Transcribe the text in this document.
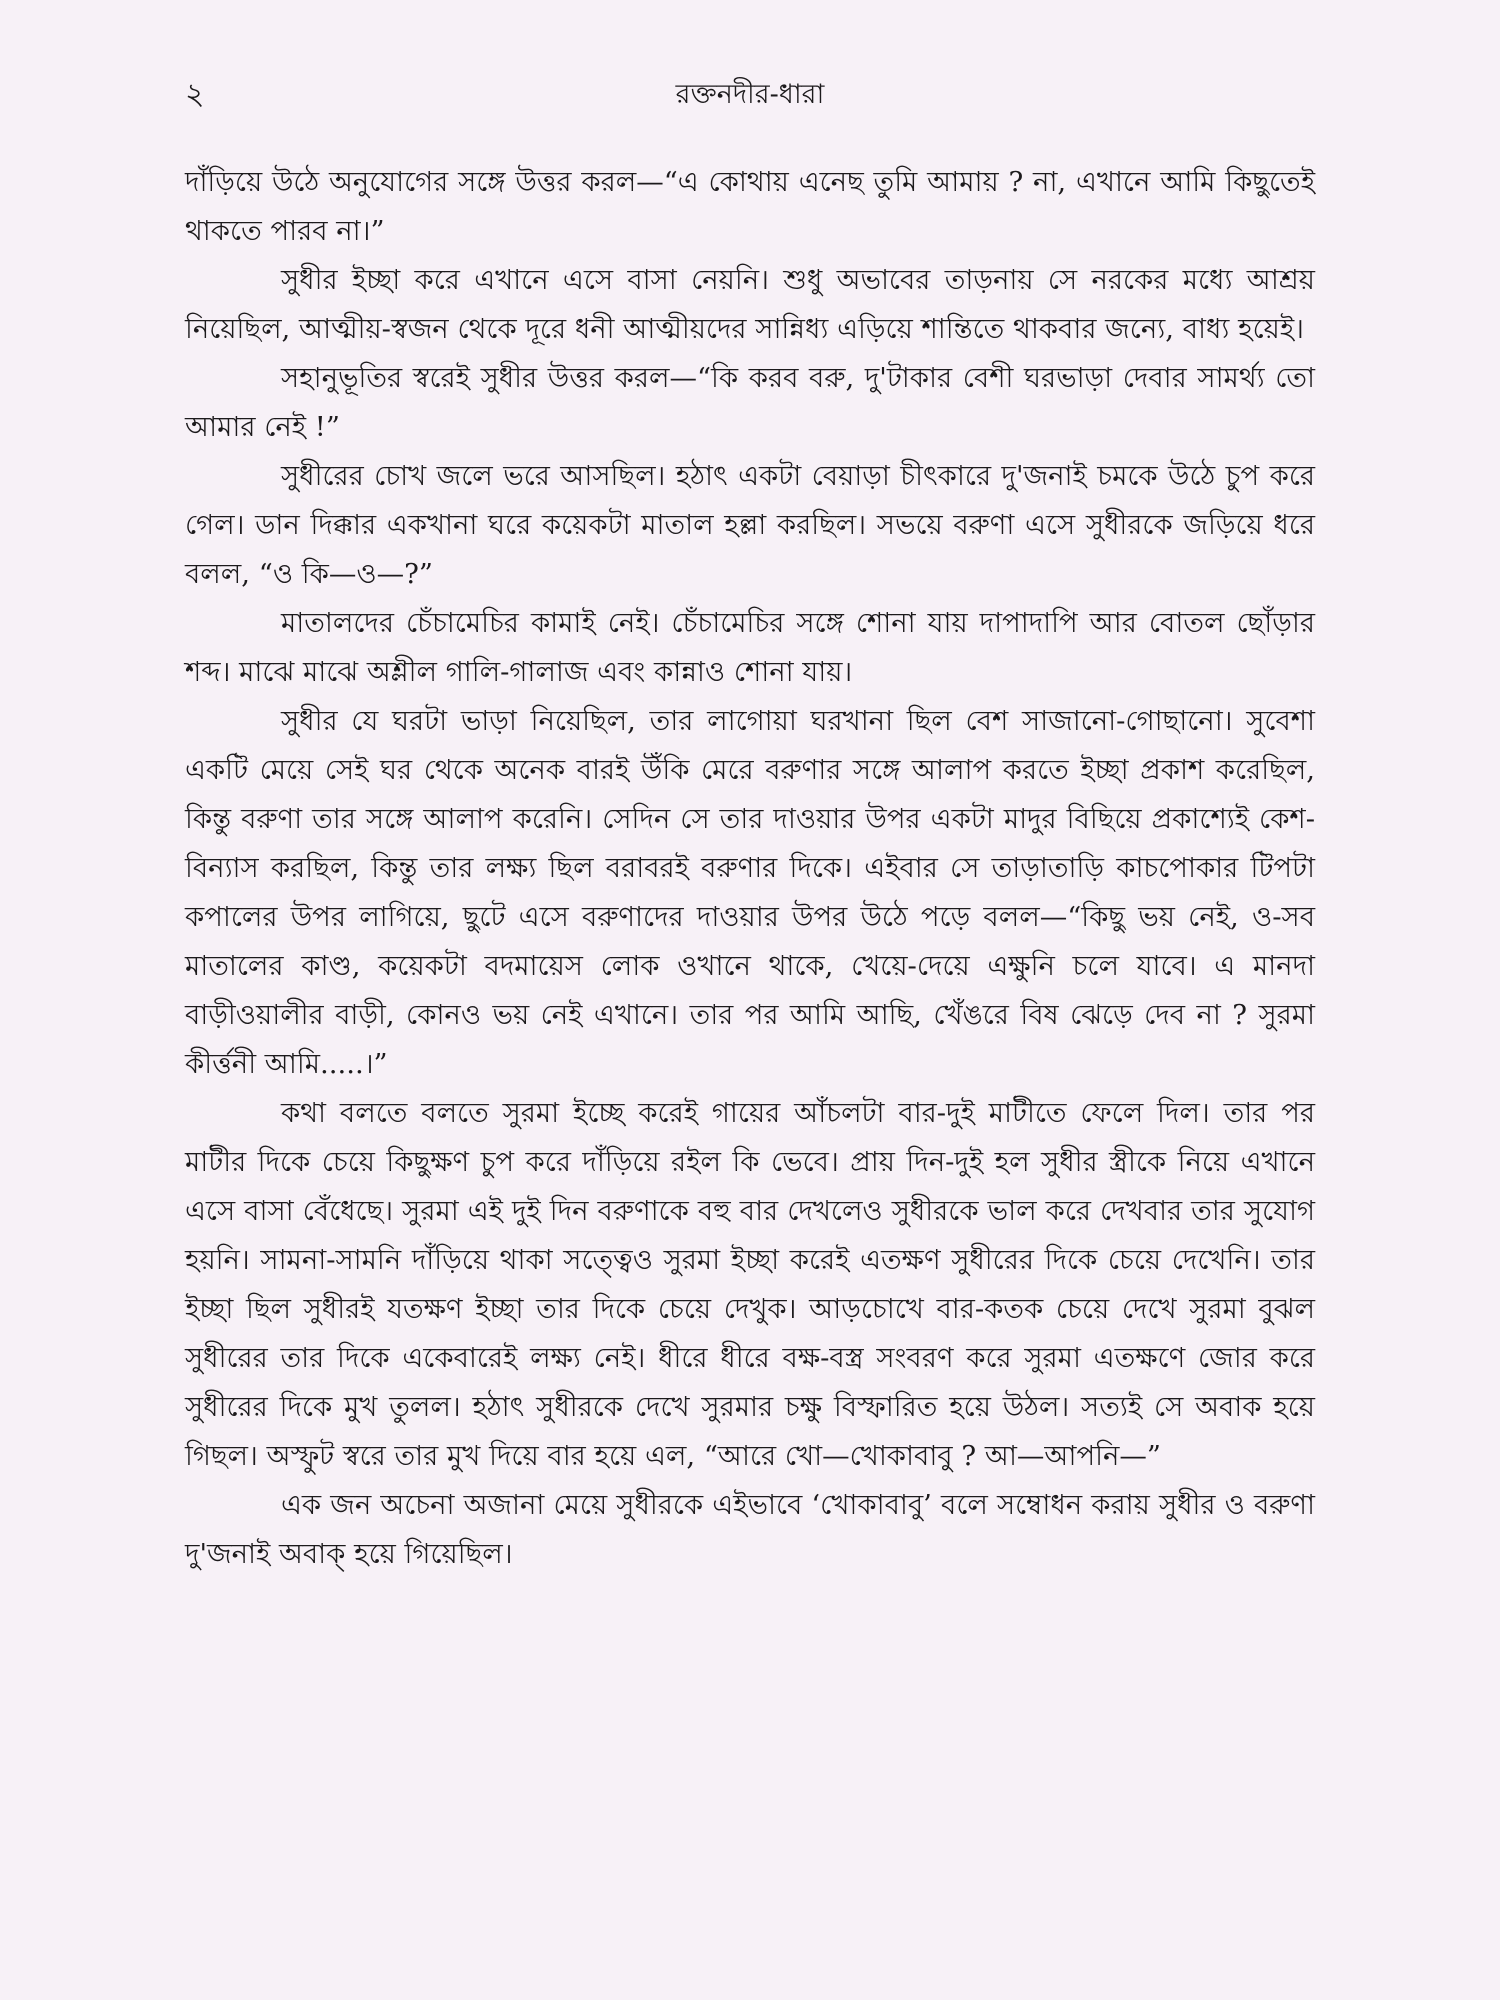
২	রক্তনদীর-ধারা

দাঁড়িয়ে উঠে অনুযোগের সঙ্গে উত্তর করল—“এ কোথায় এনেছ তুমি আমায় ? না, এখানে আমি কিছুতেই থাকতে পারব না।”

সুধীর ইচ্ছা করে এখানে এসে বাসা নেয়নি। শুধু অভাবের তাড়নায় সে নরকের মধ্যে আশ্রয় নিয়েছিল, আত্মীয়-স্বজন থেকে দূরে ধনী আত্মীয়দের সান্নিধ্য এড়িয়ে শান্তিতে থাকবার জন্যে, বাধ্য হয়েই।

সহানুভূতির স্বরেই সুধীর উত্তর করল—“কি করব বরু, দু'টাকার বেশী ঘরভাড়া দেবার সামর্থ্য তো আমার নেই !”

সুধীরের চোখ জলে ভরে আসছিল। হঠাৎ একটা বেয়াড়া চীৎকারে দু'জনাই চমকে উঠে চুপ করে গেল। ডান দিক্কার একখানা ঘরে কয়েকটা মাতাল হল্লা করছিল। সভয়ে বরুণা এসে সুধীরকে জড়িয়ে ধরে বলল, “ও কি—ও—?”

মাতালদের চেঁচামেচির কামাই নেই। চেঁচামেচির সঙ্গে শোনা যায় দাপাদাপি আর বোতল ছোঁড়ার শব্দ। মাঝে মাঝে অশ্লীল গালি-গালাজ এবং কান্নাও শোনা যায়।

সুধীর যে ঘরটা ভাড়া নিয়েছিল, তার লাগোয়া ঘরখানা ছিল বেশ সাজানো-গোছানো। সুবেশা একটি মেয়ে সেই ঘর থেকে অনেক বারই উঁকি মেরে বরুণার সঙ্গে আলাপ করতে ইচ্ছা প্রকাশ করেছিল, কিন্তু বরুণা তার সঙ্গে আলাপ করেনি। সেদিন সে তার দাওয়ার উপর একটা মাদুর বিছিয়ে প্রকাশ্যেই কেশ-বিন্যাস করছিল, কিন্তু তার লক্ষ্য ছিল বরাবরই বরুণার দিকে। এইবার সে তাড়াতাড়ি কাচপোকার টিপটা কপালের উপর লাগিয়ে, ছুটে এসে বরুণাদের দাওয়ার উপর উঠে পড়ে বলল—“কিছু ভয় নেই, ও-সব মাতালের কাণ্ড, কয়েকটা বদমায়েস লোক ওখানে থাকে, খেয়ে-দেয়ে এক্ষুনি চলে যাবে। এ মানদা বাড়ীওয়ালীর বাড়ী, কোনও ভয় নেই এখানে। তার পর আমি আছি, খেঁঙরে বিষ ঝেড়ে দেব না ? সুরমা কীর্ত্তনী আমি.....।”

কথা বলতে বলতে সুরমা ইচ্ছে করেই গায়ের আঁচলটা বার-দুই মাটীতে ফেলে দিল। তার পর মাটীর দিকে চেয়ে কিছুক্ষণ চুপ করে দাঁড়িয়ে রইল কি ভেবে। প্রায় দিন-দুই হল সুধীর স্ত্রীকে নিয়ে এখানে এসে বাসা বেঁধেছে। সুরমা এই দুই দিন বরুণাকে বহু বার দেখলেও সুধীরকে ভাল করে দেখবার তার সুযোগ হয়নি। সামনা-সামনি দাঁড়িয়ে থাকা সত্ত্বেও সুরমা ইচ্ছা করেই এতক্ষণ সুধীরের দিকে চেয়ে দেখেনি। তার ইচ্ছা ছিল সুধীরই যতক্ষণ ইচ্ছা তার দিকে চেয়ে দেখুক। আড়চোখে বার-কতক চেয়ে দেখে সুরমা বুঝল সুধীরের তার দিকে একেবারেই লক্ষ্য নেই। ধীরে ধীরে বক্ষ-বস্ত্র সংবরণ করে সুরমা এতক্ষণে জোর করে সুধীরের দিকে মুখ তুলল। হঠাৎ সুধীরকে দেখে সুরমার চক্ষু বিস্ফারিত হয়ে উঠল। সত্যই সে অবাক হয়ে গিছল। অস্ফুট স্বরে তার মুখ দিয়ে বার হয়ে এল, “আরে খো—খোকাবাবু ? আ—আপনি—”

এক জন অচেনা অজানা মেয়ে সুধীরকে এইভাবে ‘খোকাবাবু’ বলে সম্বোধন করায় সুধীর ও বরুণা দু'জনাই অবাক্ হয়ে গিয়েছিল।
